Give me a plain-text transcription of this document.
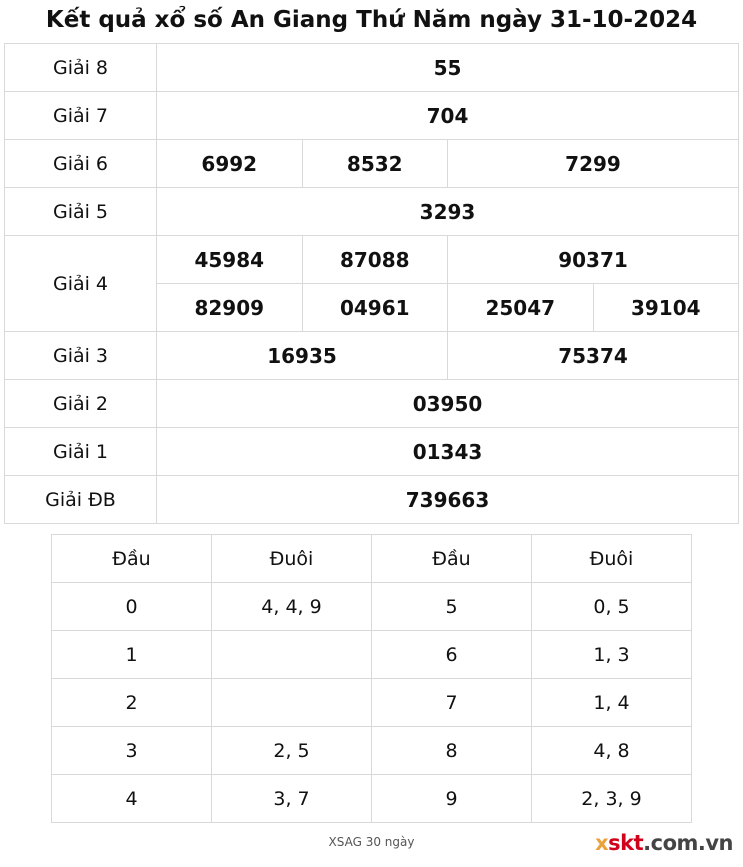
Kết quả xổ số An Giang Thứ Năm ngày 31-10-2024
Giải 8	55			
Giải 7	704			
Giải 6	6992	8532	7299	
Giải 5	3293			
Giải 4	45984	87088	90371	
	82909	04961	25047	39104
Giải 3	16935		75374	
Giải 2	03950			
Giải 1	01343			
Giải ĐB	739663			
Đầu	Đuôi	Đầu	Đuôi
0	4, 4, 9	5	0, 5
1		6	1, 3
2		7	1, 4
3	2, 5	8	4, 8
4	3, 7	9	2, 3, 9
XSAG 30 ngày	xskt.com.vn
